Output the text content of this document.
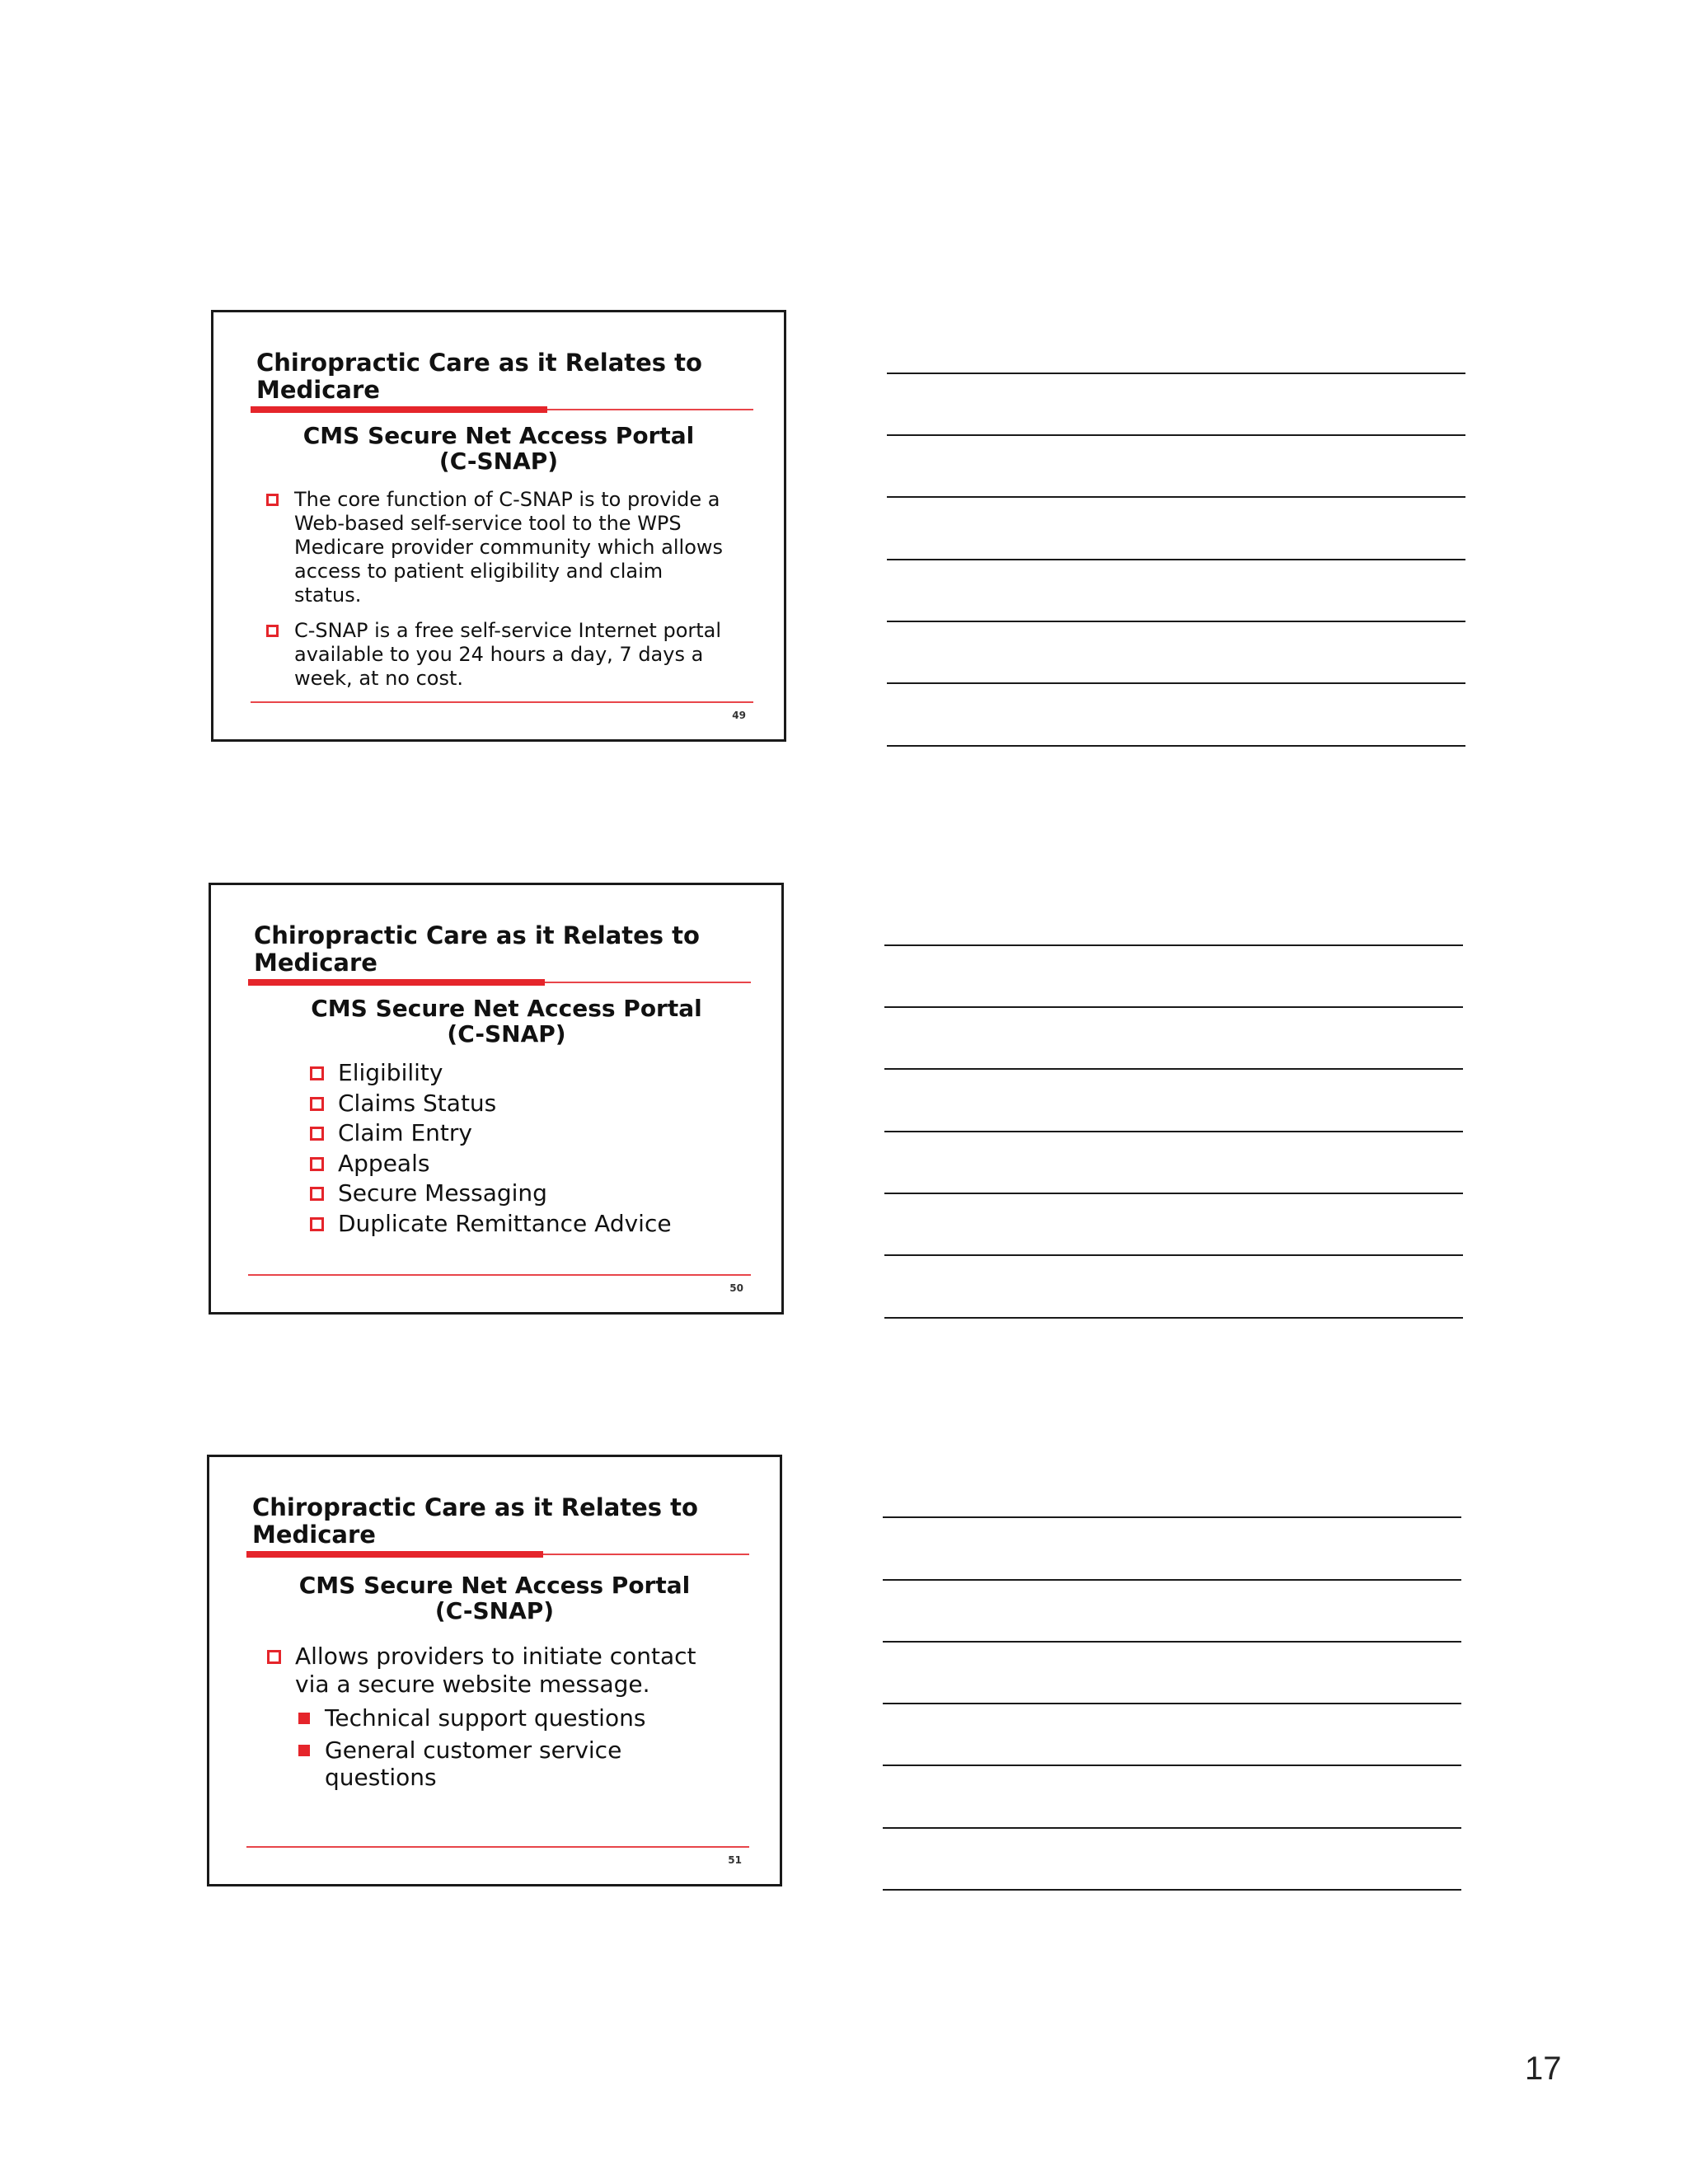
Chiropractic Care as it Relates to Medicare
CMS Secure Net Access Portal
(C-SNAP)
The core function of C-SNAP is to provide a Web-based self-service tool to the WPS Medicare provider community which allows access to patient eligibility and claim status.
C-SNAP is a free self-service Internet portal available to you 24 hours a day, 7 days a week, at no cost.
49
Chiropractic Care as it Relates to Medicare
CMS Secure Net Access Portal
(C-SNAP)
Eligibility
Claims Status
Claim Entry
Appeals
Secure Messaging
Duplicate Remittance Advice
50
Chiropractic Care as it Relates to Medicare
CMS Secure Net Access Portal
(C-SNAP)
Allows providers to initiate contact via a secure website message.
Technical support questions
General customer service questions
51
17
